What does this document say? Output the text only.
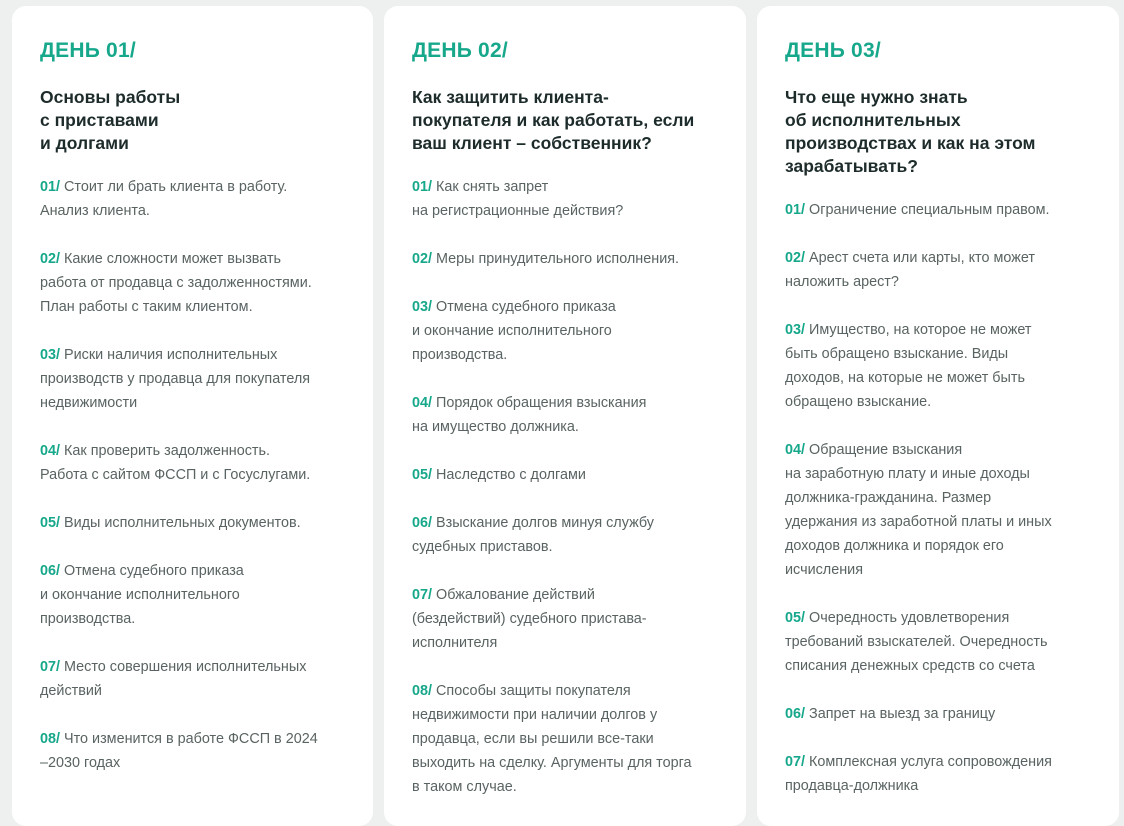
ДЕНЬ 01/
Основы работы
с приставами
и долгами
01/ Стоит ли брать клиента в работу.
Анализ клиента.
02/ Какие сложности может вызвать
работа от продавца с задолженностями.
План работы с таким клиентом.
03/ Риски наличия исполнительных
производств у продавца для покупателя
недвижимости
04/ Как проверить задолженность.
Работа с сайтом ФССП и с Госуслугами.
05/ Виды исполнительных документов.
06/ Отмена судебного приказа
и окончание исполнительного
производства.
07/ Место совершения исполнительных
действий
08/ Что изменится в работе ФССП в 2024
–2030 годах
ДЕНЬ 02/
Как защитить клиента-
покупателя и как работать, если
ваш клиент – собственник?
01/ Как снять запрет
на регистрационные действия?
02/ Меры принудительного исполнения.
03/ Отмена судебного приказа
и окончание исполнительного
производства.
04/ Порядок обращения взыскания
на имущество должника.
05/ Наследство с долгами
06/ Взыскание долгов минуя службу
судебных приставов.
07/ Обжалование действий
(бездействий) судебного пристава-
исполнителя
08/ Способы защиты покупателя
недвижимости при наличии долгов у
продавца, если вы решили все-таки
выходить на сделку. Аргументы для торга
в таком случае.
ДЕНЬ 03/
Что еще нужно знать
об исполнительных
производствах и как на этом
зарабатывать?
01/ Ограничение специальным правом.
02/ Арест счета или карты, кто может
наложить арест?
03/ Имущество, на которое не может
быть обращено взыскание. Виды
доходов, на которые не может быть
обращено взыскание.
04/ Обращение взыскания
на заработную плату и иные доходы
должника-гражданина. Размер
удержания из заработной платы и иных
доходов должника и порядок его
исчисления
05/ Очередность удовлетворения
требований взыскателей. Очередность
списания денежных средств со счета
06/ Запрет на выезд за границу
07/ Комплексная услуга сопровождения
продавца-должника
